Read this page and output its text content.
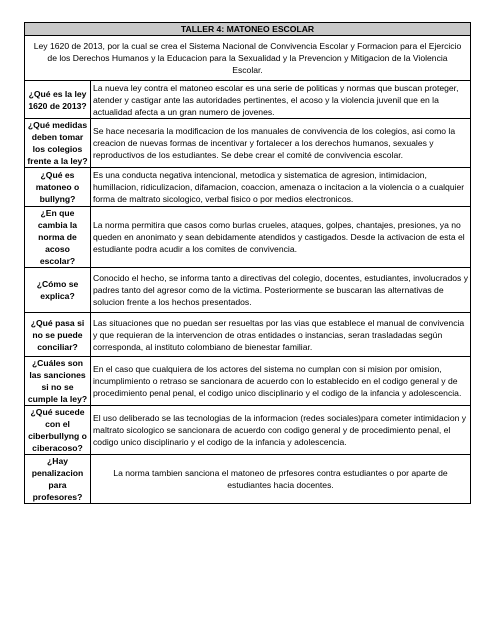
TALLER 4: MATONEO ESCOLAR	
Ley 1620 de 2013, por la cual se crea el Sistema Nacional de Convivencia Escolar y Formacion para el Ejercicio de los Derechos Humanos y la Educacion para la Sexualidad y la Prevencion y Mitigacion de la Violencia Escolar.	
¿Qué es la ley 1620 de 2013?	La nueva ley contra el matoneo escolar es una serie de politicas y normas que buscan proteger, atender y castigar ante las autoridades pertinentes, el acoso y la violencia juvenil que en la actualidad afecta a un gran numero de jovenes.
¿Qué medidas deben tomar los colegios frente a la ley?	Se hace necesaria la modificacion de los manuales de convivencia de los colegios, asi como la creacion de nuevas formas de incentivar y fortalecer a los derechos humanos, sexuales y reproductivos de los estudiantes. Se debe crear el comité de convivencia escolar.
¿Qué es matoneo o bullyng?	Es una conducta negativa intencional, metodica y sistematica de agresion, intimidacion, humillacion, ridiculizacion, difamacion, coaccion, amenaza o incitacion a la violencia o a cualquier forma de maltrato sicologico, verbal fisico o por medios electronicos.
¿En que cambia la norma de acoso escolar?	La norma permitira que casos como burlas crueles, ataques, golpes, chantajes, presiones, ya no queden en anonimato y sean debidamente atendidos y castigados. Desde la activacion de esta el estudiante podra acudir a los comites de convivencia.
¿Cómo se explica?	Conocido el hecho, se informa tanto a directivas del colegio, docentes, estudiantes, involucrados y padres tanto del agresor como de la victima. Posteriormente se buscaran las alternativas de solucion frente a los hechos presentados.
¿Qué pasa si no se puede conciliar?	Las situaciones que no puedan ser resueltas por las vias que establece el manual de convivencia y que requieran de la intervencion de otras entidades o instancias, seran trasladadas según corresponda, al instituto colombiano de bienestar familiar.
¿Cuáles son las sanciones si no se cumple la ley?	En el caso que cualquiera de los actores del sistema no cumplan con si mision por omision, incumplimiento o retraso se sancionara de acuerdo con lo establecido en el codigo general y de procedimiento penal penal, el codigo unico disciplinario y el codigo de la infancia y adolescencia.
¿Qué sucede con el ciberbullyng o ciberacoso?	El uso deliberado se las tecnologias de la informacion (redes sociales)para cometer intimidacion y maltrato sicologico se sancionara de acuerdo con codigo general y de procedimiento penal, el codigo unico disciplinario y el codigo de la infancia y adolescencia.
¿Hay penalizacion para profesores?	La norma tambien sanciona el matoneo de prfesores contra estudiantes o por aparte de estudiantes hacia docentes.
